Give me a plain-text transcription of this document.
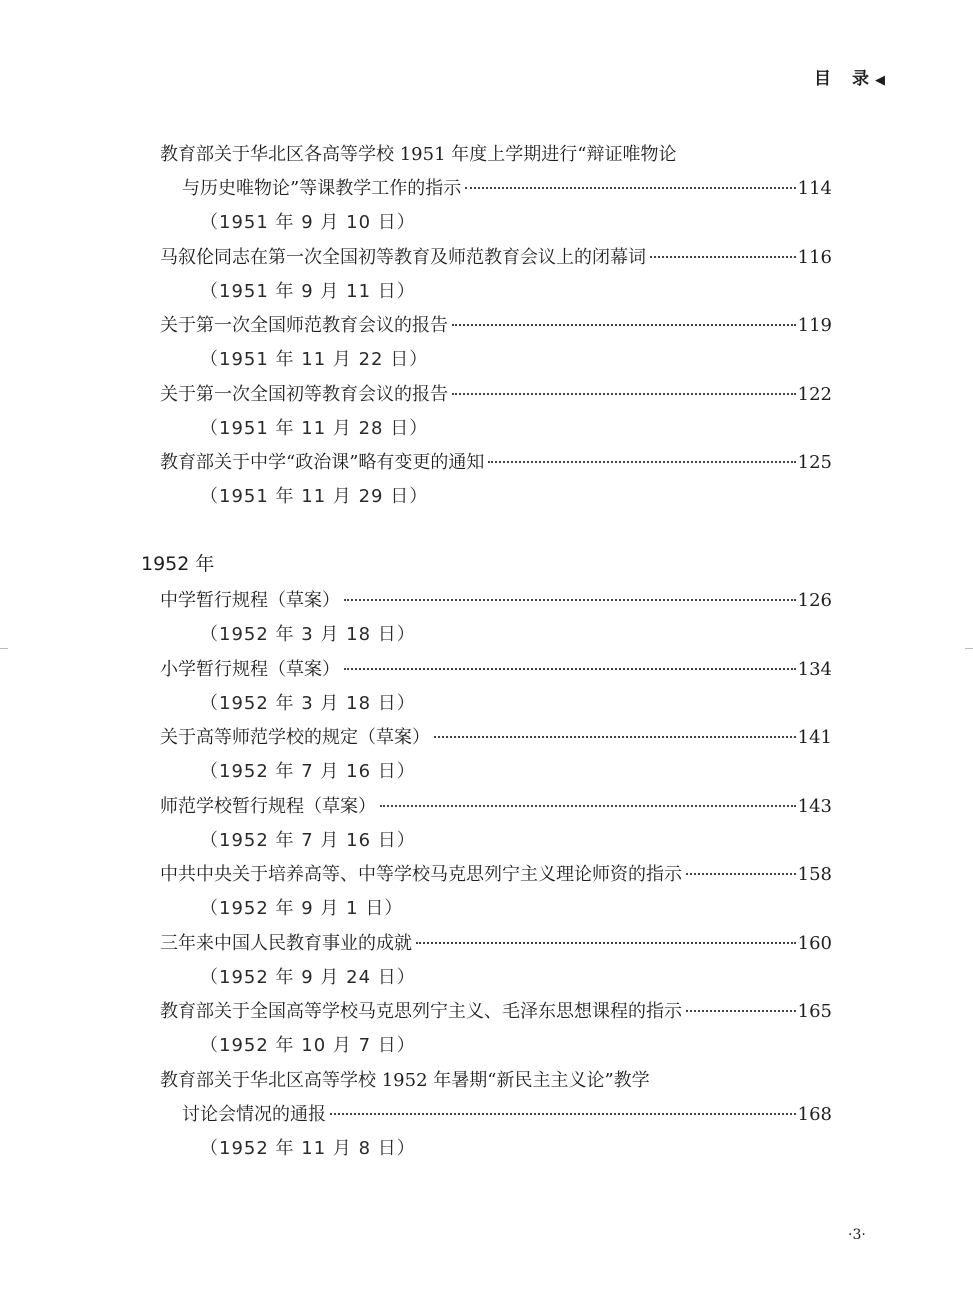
目　录 ◀
教育部关于华北区各高等学校 1951 年度上学期进行“辩证唯物论
与历史唯物论”等课教学工作的指示	114
（1951 年 9 月 10 日）
马叙伦同志在第一次全国初等教育及师范教育会议上的闭幕词	116
（1951 年 9 月 11 日）
关于第一次全国师范教育会议的报告	119
（1951 年 11 月 22 日）
关于第一次全国初等教育会议的报告	122
（1951 年 11 月 28 日）
教育部关于中学“政治课”略有变更的通知	125
（1951 年 11 月 29 日）
1952 年
中学暂行规程（草案）	126
（1952 年 3 月 18 日）
小学暂行规程（草案）	134
（1952 年 3 月 18 日）
关于高等师范学校的规定（草案）	141
（1952 年 7 月 16 日）
师范学校暂行规程（草案）	143
（1952 年 7 月 16 日）
中共中央关于培养高等、中等学校马克思列宁主义理论师资的指示	158
（1952 年 9 月 1 日）
三年来中国人民教育事业的成就	160
（1952 年 9 月 24 日）
教育部关于全国高等学校马克思列宁主义、毛泽东思想课程的指示	165
（1952 年 10 月 7 日）
教育部关于华北区高等学校 1952 年暑期“新民主主义论”教学
讨论会情况的通报	168
（1952 年 11 月 8 日）
·3·
